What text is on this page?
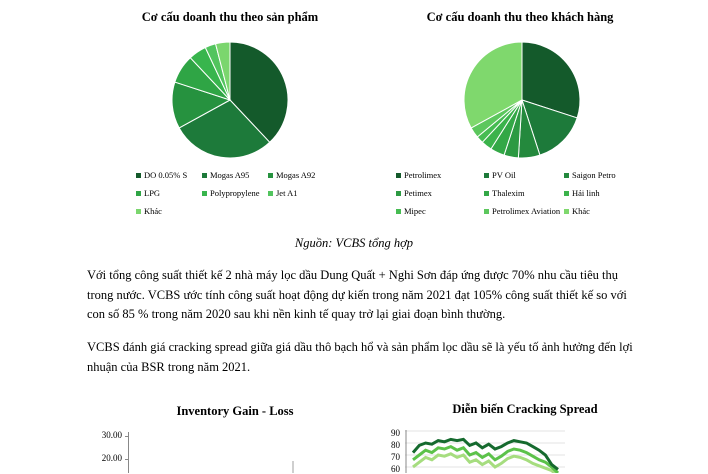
Cơ cấu doanh thu theo sản phẩm
DO 0.05% S	Mogas A95	Mogas A92
LPG	Polypropylene	Jet A1
Khác
Cơ cấu doanh thu theo khách hàng
Petrolimex	PV Oil	Saigon Petro
Petimex	Thalexim	Hải linh
Mipec	Petrolimex Aviation	Khác
Nguồn: VCBS tổng hợp

Với tổng công suất thiết kế 2 nhà máy lọc dầu Dung Quất + Nghi Sơn đáp ứng được 70% nhu cầu tiêu thụ

trong nước. VCBS ước tính công suất hoạt động dự kiến trong năm 2021 đạt 105% công suất thiết kế so với

con số 85 % trong năm 2020 sau khi nền kinh tế quay trở lại giai đoạn bình thường.

VCBS đánh giá cracking spread giữa giá dầu thô bạch hổ và sản phẩm lọc dầu sẽ là yếu tố ảnh hưởng đến lợi

nhuận của BSR trong năm 2021.

Inventory Gain - Loss
30.00
20.00
Diễn biến Cracking Spread
90
80
70
60
